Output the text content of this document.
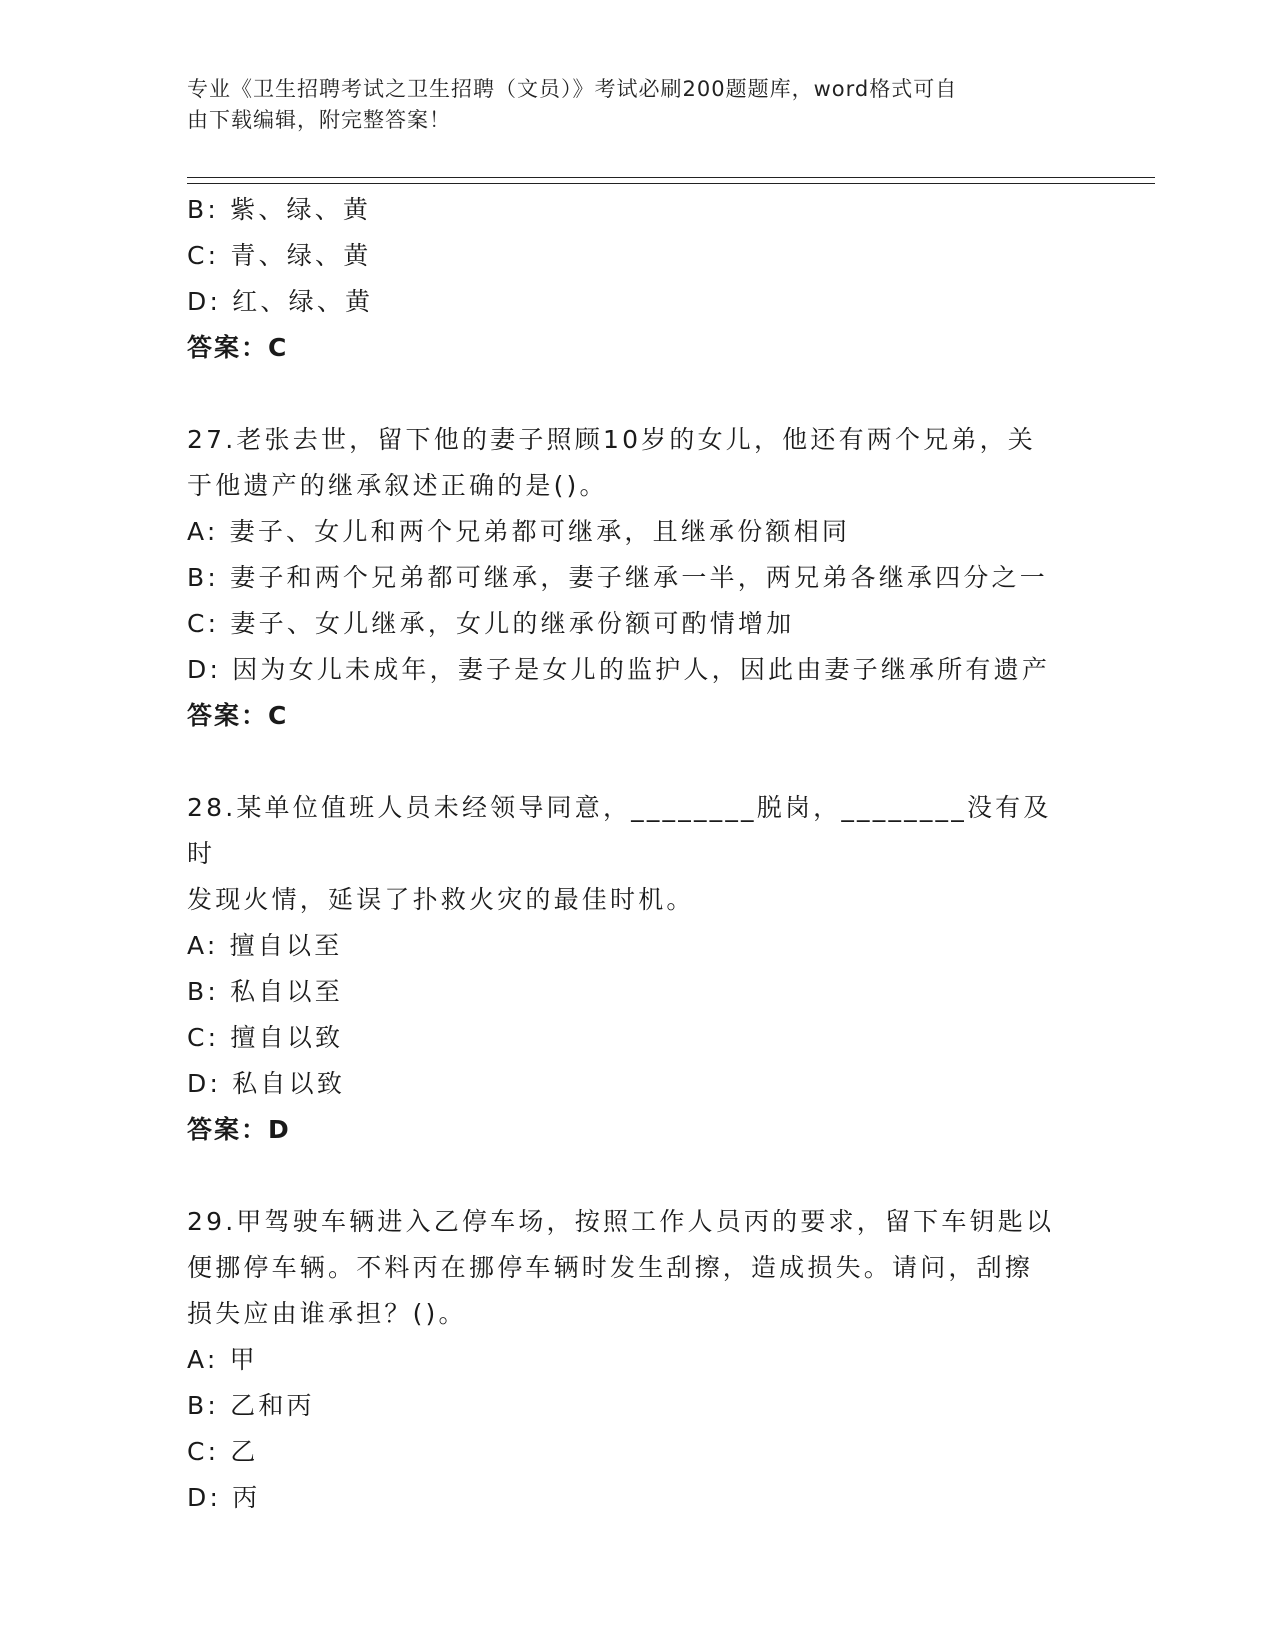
专业《卫生招聘考试之卫生招聘（文员）》考试必刷200题题库，word格式可自
由下载编辑，附完整答案！
B: 紫、绿、黄
C: 青、绿、黄
D: 红、绿、黄
答案：C
27.老张去世，留下他的妻子照顾10岁的女儿，他还有两个兄弟，关
于他遗产的继承叙述正确的是()。
A: 妻子、女儿和两个兄弟都可继承，且继承份额相同
B: 妻子和两个兄弟都可继承，妻子继承一半，两兄弟各继承四分之一
C: 妻子、女儿继承，女儿的继承份额可酌情增加
D: 因为女儿未成年，妻子是女儿的监护人，因此由妻子继承所有遗产
答案：C
28.某单位值班人员未经领导同意，________脱岗，________没有及时
发现火情，延误了扑救火灾的最佳时机。
A: 擅自以至
B: 私自以至
C: 擅自以致
D: 私自以致
答案：D
29.甲驾驶车辆进入乙停车场，按照工作人员丙的要求，留下车钥匙以
便挪停车辆。不料丙在挪停车辆时发生刮擦，造成损失。请问，刮擦
损失应由谁承担？()。
A: 甲
B: 乙和丙
C: 乙
D: 丙
